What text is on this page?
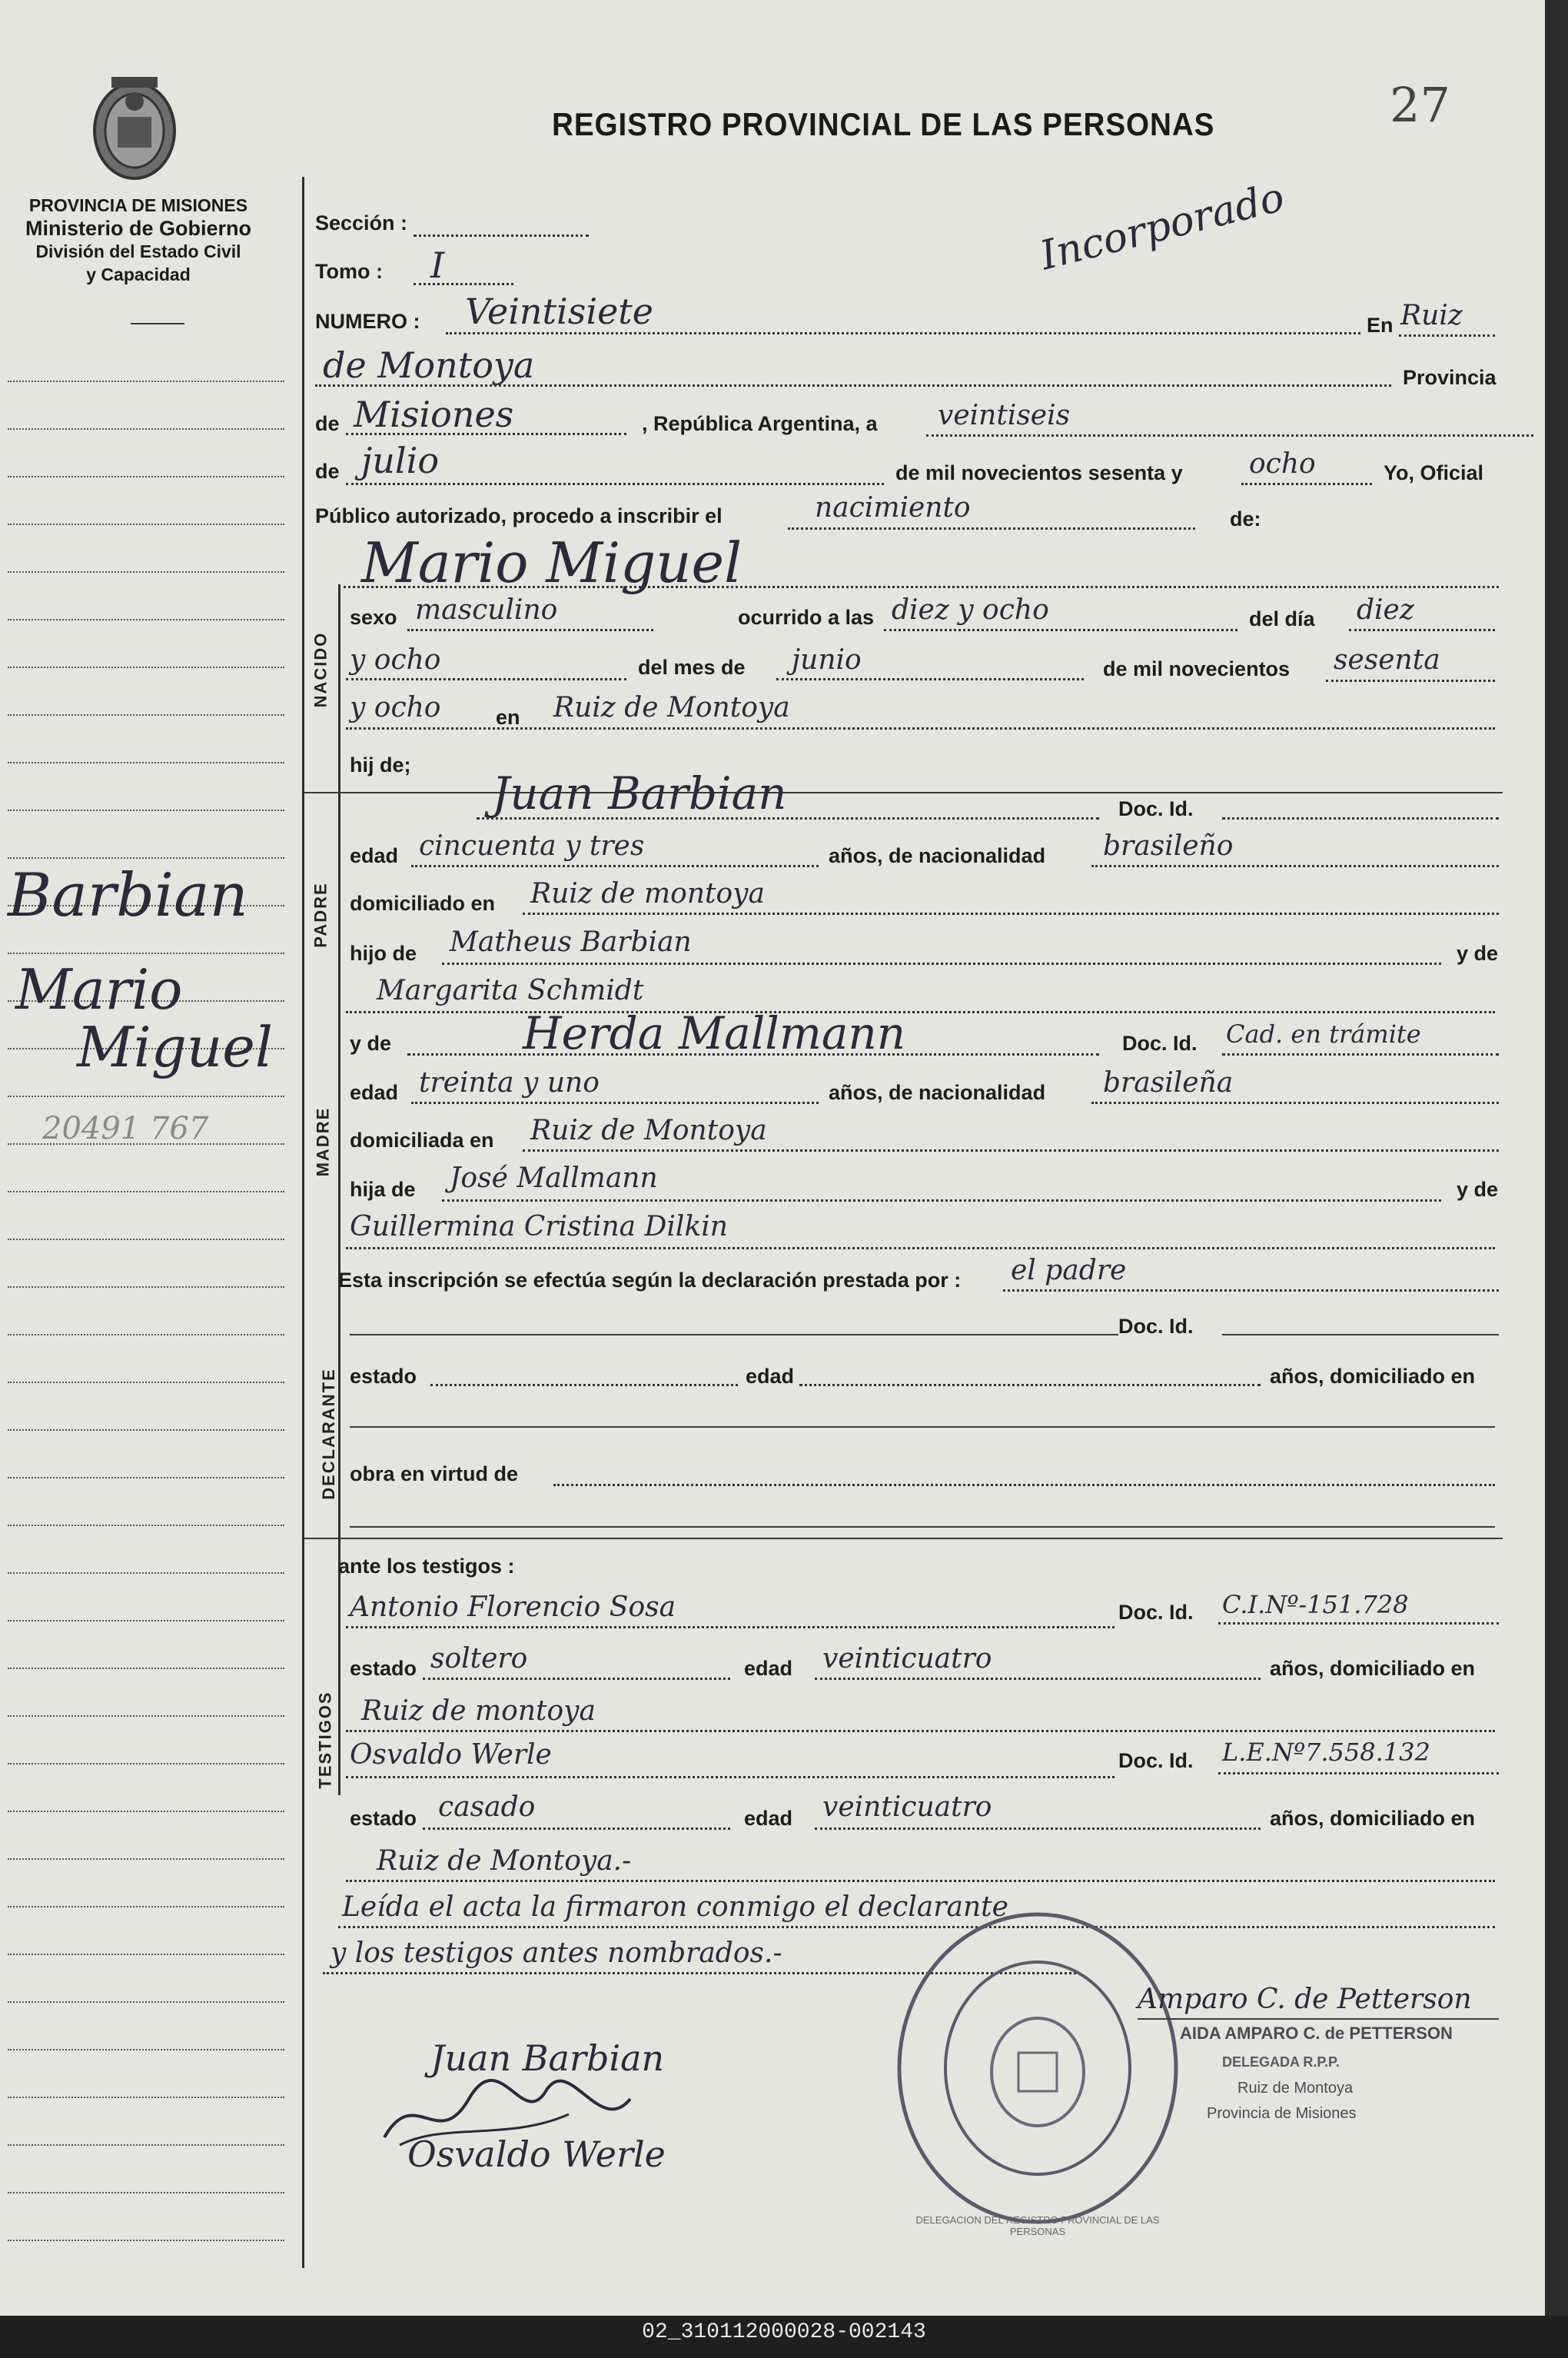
PROVINCIA DE MISIONES
Ministerio de Gobierno
División del Estado Civil
y Capacidad
REGISTRO PROVINCIAL DE LAS PERSONAS	27
Incorporado
Barbian
Mario
Miguel
20491 767
Sección :
Tomo : I
NUMERO : Veintisiete	En Ruiz
de Montoya	Provincia
de Misiones	, República Argentina, a veintiseis
de julio	de mil novecientos sesenta y ocho	Yo, Oficial
Público autorizado, procedo a inscribir el	nacimiento	de:
Mario Miguel
NACIDO
sexo masculino	ocurrido a las diez y ocho	del día diez
y ocho	del mes de junio	de mil novecientos sesenta
y ocho	en Ruiz de Montoya
hij de;
PADRE
Juan Barbian	Doc. Id.
edad cincuenta y tres	años, de nacionalidad brasileño
domiciliado en Ruiz de montoya
hijo de Matheus Barbian	y de
Margarita Schmidt
MADRE
y de	Herda Mallmann	Doc. Id. Cad. en trámite
edad treinta y uno	años, de nacionalidad brasileña
domiciliada en Ruiz de Montoya
hija de José Mallmann	y de
Guillermina Cristina Dilkin
Esta inscripción se efectúa según la declaración prestada por : el padre
DECLARANTE
Doc. Id.
estado	edad	años, domiciliado en
obra en virtud de
ante los testigos :
TESTIGOS
Antonio Florencio Sosa	Doc. Id. C.I.Nº-151.728
estado soltero	edad veinticuatro	años, domiciliado en
Ruiz de montoya
Osvaldo Werle	Doc. Id. L.E.Nº7.558.132
estado casado	edad veinticuatro	años, domiciliado en
Ruiz de Montoya.-
Leída el acta la firmaron conmigo el declarante
y los testigos antes nombrados.-
DELEGACION DEL REGISTRO PROVINCIAL DE LAS PERSONAS
Amparo C. de Petterson
AIDA AMPARO C. de PETTERSON
DELEGADA R.P.P.
Ruiz de Montoya
Provincia de Misiones
Juan Barbian
Osvaldo Werle
02_310112000028-002143
